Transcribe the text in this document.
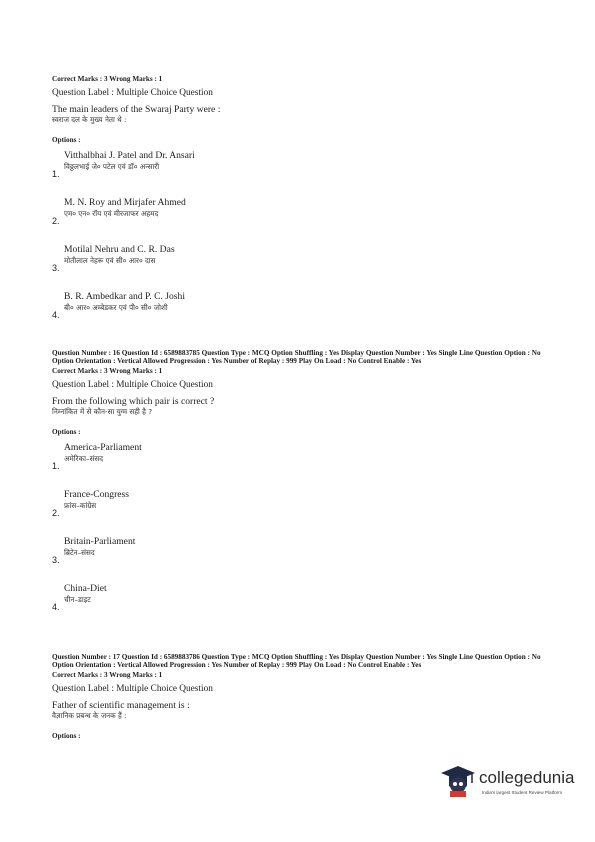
Correct Marks : 3 Wrong Marks : 1
Question Label : Multiple Choice Question
The main leaders of the Swaraj Party were :
स्वराज दल के मुख्य नेता थे :
Options :
1.
Vitthalbhai J. Patel and Dr. Ansari
विठ्ठलभाई जे० पटेल एवं डॉ० अन्सारी
2.
M. N. Roy and Mirjafer Ahmed
एम० एन० रॉय एवं मीरजाफर अहमद
3.
Motilal Nehru and C. R. Das
मोतीलाल नेहरू एवं सी० आर० दास
4.
B. R. Ambedkar and P. C. Joshi
बी० आर० अम्बेडकर एवं पी० सी० जोशी
Question Number : 16 Question Id : 6589883785 Question Type : MCQ Option Shuffling : Yes Display Question Number : Yes Single Line Question Option : No Option Orientation : Vertical Allowed Progression : Yes Number of Replay : 999 Play On Load : No Control Enable : Yes
Correct Marks : 3 Wrong Marks : 1
Question Label : Multiple Choice Question
From the following which pair is correct ?
निम्नांकित में से कौन-सा युग्म सही है ?
Options :
1.
America-Parliament
अमेरिका–संसद
2.
France-Congress
फ्रांस–कांग्रेस
3.
Britain-Parliament
ब्रिटेन–संसद
4.
China-Diet
चीन–डाइट
Question Number : 17 Question Id : 6589883786 Question Type : MCQ Option Shuffling : Yes Display Question Number : Yes Single Line Question Option : No Option Orientation : Vertical Allowed Progression : Yes Number of Replay : 999 Play On Load : No Control Enable : Yes
Correct Marks : 3 Wrong Marks : 1
Question Label : Multiple Choice Question
Father of scientific management is :
वैज्ञानिक प्रबन्ध के जनक हैं :
Options :
collegedunia
India's largest Student Review Platform
